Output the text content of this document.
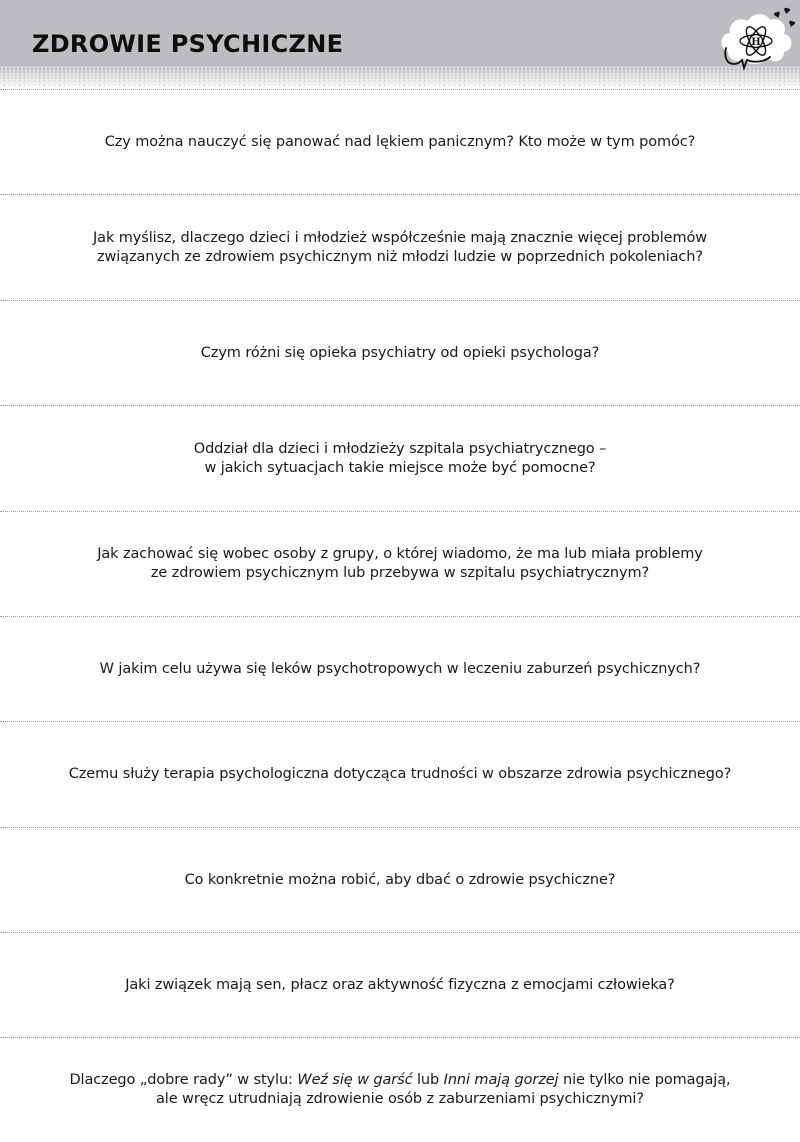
ZDROWIE PSYCHICZNE	H

Czy można nauczyć się panować nad lękiem panicznym? Kto może w tym pomóc?

Jak myślisz, dlaczego dzieci i młodzież współcześnie mają znacznie więcej problemów
związanych ze zdrowiem psychicznym niż młodzi ludzie w poprzednich pokoleniach?

Czym różni się opieka psychiatry od opieki psychologa?

Oddział dla dzieci i młodzieży szpitala psychiatrycznego –
w jakich sytuacjach takie miejsce może być pomocne?

Jak zachować się wobec osoby z grupy, o której wiadomo, że ma lub miała problemy
ze zdrowiem psychicznym lub przebywa w szpitalu psychiatrycznym?

W jakim celu używa się leków psychotropowych w leczeniu zaburzeń psychicznych?

Czemu służy terapia psychologiczna dotycząca trudności w obszarze zdrowia psychicznego?

Co konkretnie można robić, aby dbać o zdrowie psychiczne?

Jaki związek mają sen, płacz oraz aktywność fizyczna z emocjami człowieka?

Dlaczego „dobre rady” w stylu: Weź się w garść lub Inni mają gorzej nie tylko nie pomagają,
ale wręcz utrudniają zdrowienie osób z zaburzeniami psychicznymi?
